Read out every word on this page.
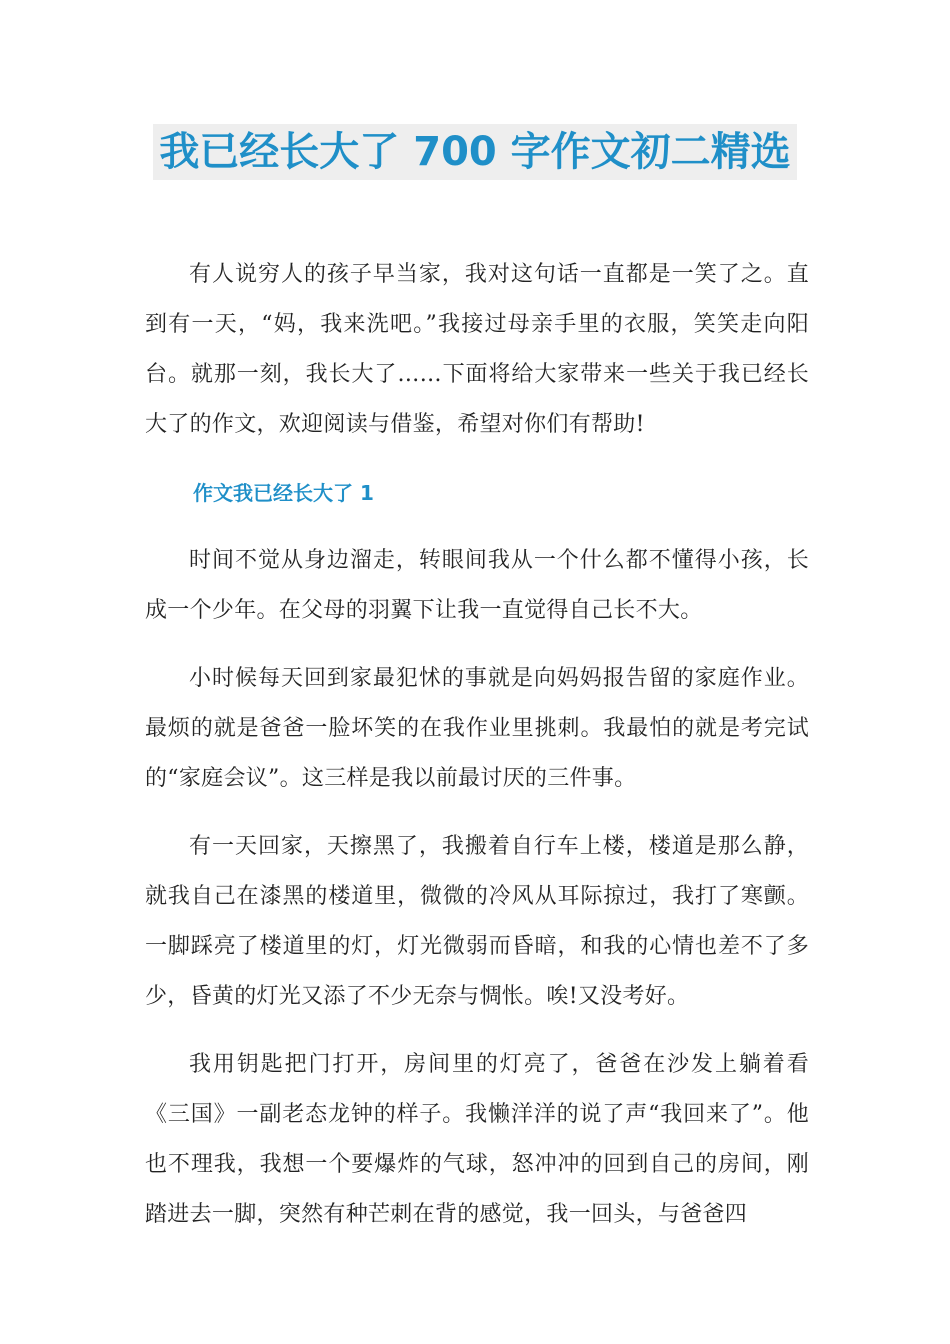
我已经长大了 700 字作文初二精选

有人说穷人的孩子早当家，我对这句话一直都是一笑了之。直到有一天，“妈，我来洗吧。”我接过母亲手里的衣服，笑笑走向阳台。就那一刻，我长大了……下面将给大家带来一些关于我已经长大了的作文，欢迎阅读与借鉴，希望对你们有帮助!

作文我已经长大了 1

时间不觉从身边溜走，转眼间我从一个什么都不懂得小孩，长成一个少年。在父母的羽翼下让我一直觉得自己长不大。

小时候每天回到家最犯怵的事就是向妈妈报告留的家庭作业。最烦的就是爸爸一脸坏笑的在我作业里挑刺。我最怕的就是考完试的“家庭会议”。这三样是我以前最讨厌的三件事。

有一天回家，天擦黑了，我搬着自行车上楼，楼道是那么静，就我自己在漆黑的楼道里，微微的冷风从耳际掠过，我打了寒颤。一脚踩亮了楼道里的灯，灯光微弱而昏暗，和我的心情也差不了多少，昏黄的灯光又添了不少无奈与惆怅。唉!又没考好。

我用钥匙把门打开，房间里的灯亮了，爸爸在沙发上躺着看《三国》一副老态龙钟的样子。我懒洋洋的说了声“我回来了”。他也不理我，我想一个要爆炸的气球，怒冲冲的回到自己的房间，刚踏进去一脚，突然有种芒刺在背的感觉，我一回头，与爸爸四
